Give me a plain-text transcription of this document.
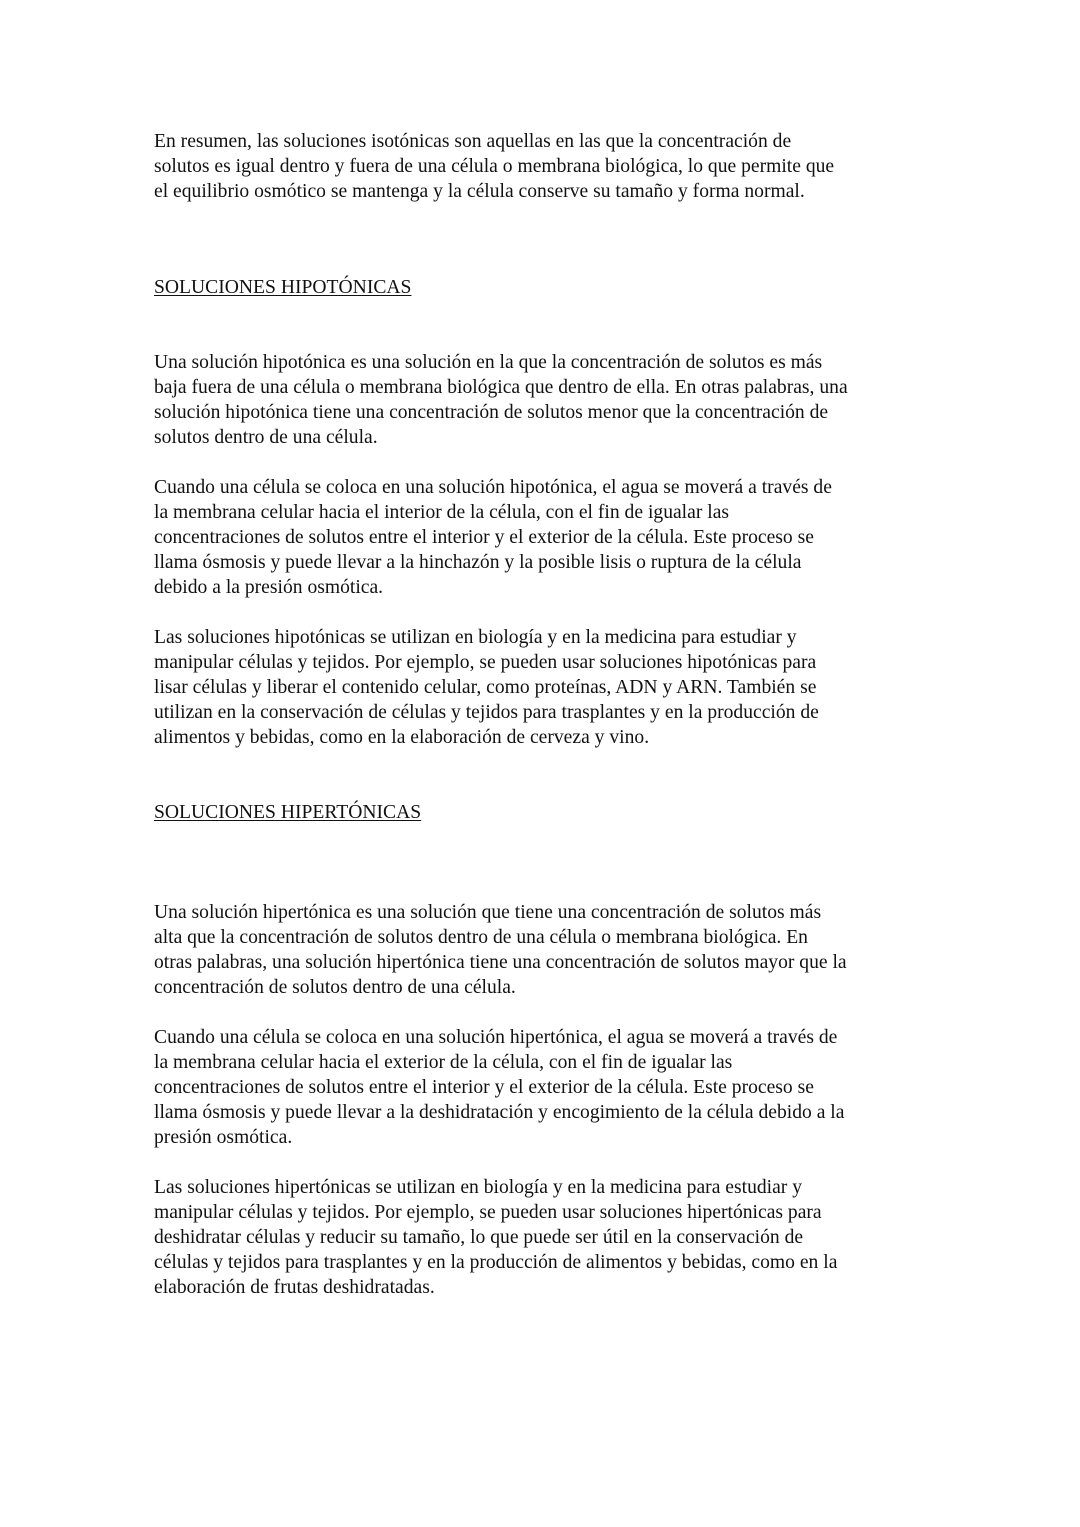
En resumen, las soluciones isotónicas son aquellas en las que la concentración de
solutos es igual dentro y fuera de una célula o membrana biológica, lo que permite que
el equilibrio osmótico se mantenga y la célula conserve su tamaño y forma normal.

SOLUCIONES HIPOTÓNICAS

Una solución hipotónica es una solución en la que la concentración de solutos es más
baja fuera de una célula o membrana biológica que dentro de ella. En otras palabras, una
solución hipotónica tiene una concentración de solutos menor que la concentración de
solutos dentro de una célula.

Cuando una célula se coloca en una solución hipotónica, el agua se moverá a través de
la membrana celular hacia el interior de la célula, con el fin de igualar las
concentraciones de solutos entre el interior y el exterior de la célula. Este proceso se
llama ósmosis y puede llevar a la hinchazón y la posible lisis o ruptura de la célula
debido a la presión osmótica.

Las soluciones hipotónicas se utilizan en biología y en la medicina para estudiar y
manipular células y tejidos. Por ejemplo, se pueden usar soluciones hipotónicas para
lisar células y liberar el contenido celular, como proteínas, ADN y ARN. También se
utilizan en la conservación de células y tejidos para trasplantes y en la producción de
alimentos y bebidas, como en la elaboración de cerveza y vino.

SOLUCIONES HIPERTÓNICAS

Una solución hipertónica es una solución que tiene una concentración de solutos más
alta que la concentración de solutos dentro de una célula o membrana biológica. En
otras palabras, una solución hipertónica tiene una concentración de solutos mayor que la
concentración de solutos dentro de una célula.

Cuando una célula se coloca en una solución hipertónica, el agua se moverá a través de
la membrana celular hacia el exterior de la célula, con el fin de igualar las
concentraciones de solutos entre el interior y el exterior de la célula. Este proceso se
llama ósmosis y puede llevar a la deshidratación y encogimiento de la célula debido a la
presión osmótica.

Las soluciones hipertónicas se utilizan en biología y en la medicina para estudiar y
manipular células y tejidos. Por ejemplo, se pueden usar soluciones hipertónicas para
deshidratar células y reducir su tamaño, lo que puede ser útil en la conservación de
células y tejidos para trasplantes y en la producción de alimentos y bebidas, como en la
elaboración de frutas deshidratadas.
